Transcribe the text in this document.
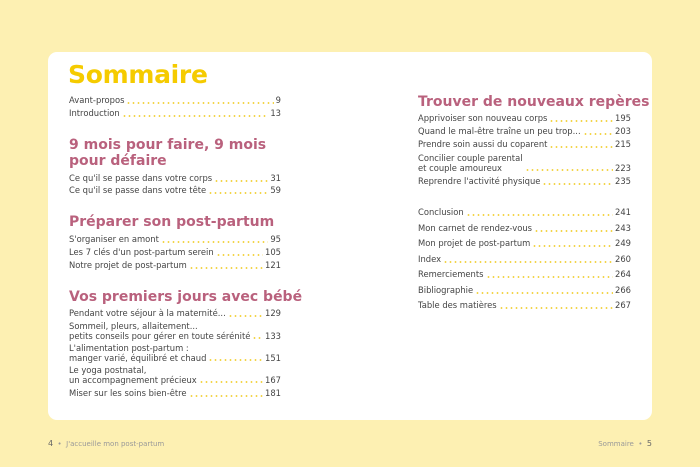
Sommaire
Avant-propos	9
Introduction	13
9 mois pour faire, 9 mois pour défaire
Ce qu'il se passe dans votre corps	31
Ce qu'il se passe dans votre tête	59
Préparer son post-partum
S'organiser en amont	95
Les 7 clés d'un post-partum serein	105
Notre projet de post-partum	121
Vos premiers jours avec bébé
Pendant votre séjour à la maternité...	129
Sommeil, pleurs, allaitement...
petits conseils pour gérer en toute sérénité 133
L'alimentation post-partum :
manger varié, équilibré et chaud	151
Le yoga postnatal,
un accompagnement précieux	167
Miser sur les soins bien-être	181
Trouver de nouveaux repères
Apprivoiser son nouveau corps	195
Quand le mal-être traîne un peu trop...	203
Prendre soin aussi du coparent	215
Concilier couple parental
et couple amoureux	223
Reprendre l'activité physique	235
Conclusion	241
Mon carnet de rendez-vous	243
Mon projet de post-partum	249
Index	260
Remerciements	264
Bibliographie	266
Table des matières	267
4 • J'accueille mon post-partum	Sommaire • 5
